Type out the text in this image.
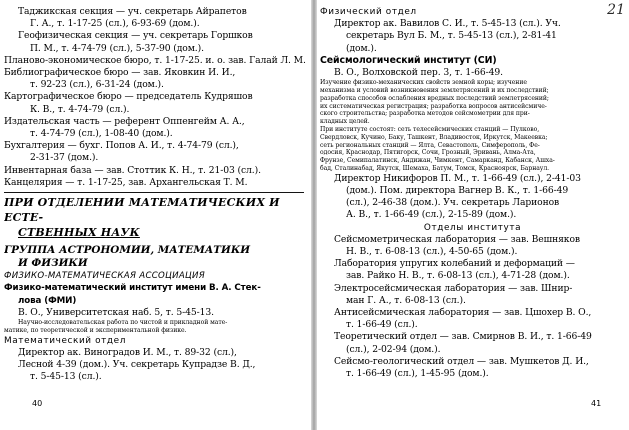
Таджикская секция — уч. секретарь Айрапетов
Г. А., т. 1-17-25 (сл.), 6-93-69 (дом.).
Геофизическая секция — уч. секретарь Горшков
П. М., т. 4-74-79 (сл.), 5-37-90 (дом.).
Планово-экономическое бюро, т. 1-17-25. и. о. зав. Галай Л. М.
Библиографическое бюро — зав. Яковкин И. И.,
т. 92-23 (сл.), 6-31-24 (дом.).
Картографическое бюро — председатель Кудряшов
К. В., т. 4-74-79 (сл.).
Издательская часть — референт Оппенгейм А. А.,
т. 4-74-79 (сл.), 1-08-40 (дом.).
Бухгалтерия — бухг. Попов А. И., т. 4-74-79 (сл.),
2-31-37 (дом.).
Инвентарная база — зав. Стоттик К. Н., т. 21-03 (сл.).
Канцелярия — т. 1-17-25, зав. Архангельская Т. М.
ПРИ ОТДЕЛЕНИИ МАТЕМАТИЧЕСКИХ И ЕСТЕ-
СТВЕННЫХ НАУК
ГРУППА АСТРОНОМИИ, МАТЕМАТИКИ
И ФИЗИКИ
ФИЗИКО-МАТЕМАТИЧЕСКАЯ АССОЦИАЦИЯ
Физико-математический институт имени В. А. Стек-
лова (ФМИ)
В. О., Университетская наб. 5, т. 5-45-13.
Научно-исследовательская работа по чистой и прикладной мате-
матике, по теоретической и экспериментальной физике.
Математический отдел
Директор ак. Виноградов И. М., т. 89-32 (сл.),
Лесной 4-39 (дом.). Уч. секретарь Купрадзе В. Д.,
т. 5-45-13 (сл.).
40
Физический отдел
Директор ак. Вавилов С. И., т. 5-45-13 (сл.). Уч.
секретарь Вул Б. М., т. 5-45-13 (сл.), 2-81-41
(дом.).
Сейсмологический институт (СИ)
В. О., Волховской пер. 3, т. 1-66-49.
Изучение физико-механических свойств земной коры; изучение
механизма и условий возникновения землетрясений и их последствий;
разработка способов ослабления вредных последствий землетрясений;
их систематическая регистрация; разработка вопросов антисейсмиче-
ского строительства; разработка методов сейсмометрии для при-
кладных целей.
При институте состоят: сеть телесейсмических станций — Пулково,
Свердловск, Кучино, Баку, Ташкент, Владивосток, Иркутск, Макеевка;
сеть региональных станций — Ялта, Севастополь, Симферополь, Фе-
одосия, Краснодар, Пятигорск, Сочи, Грозный, Эривань, Алма-Ата,
Фрунзе, Семипалатинск, Андижан, Чимкент, Самарканд, Кабанск, Ашха-
бад, Сталинабад, Якутск, Шемаха, Батум, Томск, Красноярск, Барнаул.
Директор Никифоров П. М., т. 1-66-49 (сл.), 2-41-03
(дом.). Пом. директора Вагнер В. К., т. 1-66-49
(сл.), 2-46-38 (дом.). Уч. секретарь Ларионов
А. В., т. 1-66-49 (сл.), 2-15-89 (дом.).
Отделы института
Сейсмометрическая лаборатория — зав. Вешняков
Н. В., т. 6-08-13 (сл.), 4-50-65 (дом.).
Лаборатория упругих колебаний и деформаций —
зав. Райко Н. В., т. 6-08-13 (сл.), 4-71-28 (дом.).
Электросейсмическая лаборатория — зав. Шнир-
ман Г. А., т. 6-08-13 (сл.).
Антисейсмическая лаборатория — зав. Цшохер В. О.,
т. 1-66-49 (сл.).
Теоретический отдел — зав. Смирнов В. И., т. 1-66-49
(сл.), 2-02-94 (дом.).
Сейсмо-геологический отдел — зав. Мушкетов Д. И.,
т. 1-66-49 (сл.), 1-45-95 (дом.).
41
21
